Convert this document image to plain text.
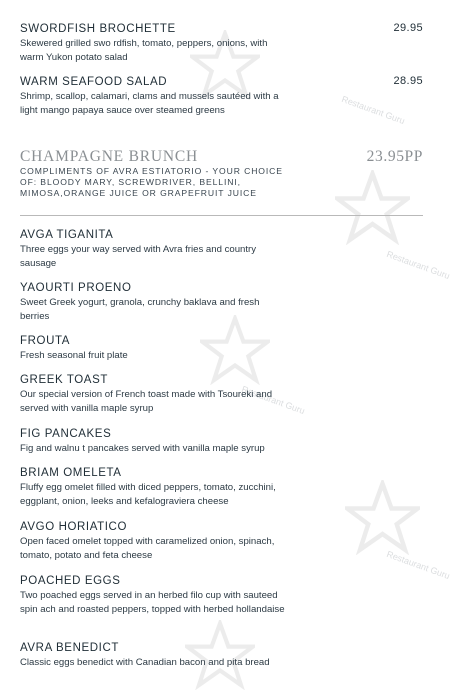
Restaurant Guru
Restaurant Guru
Restaurant Guru
Restaurant Guru
SWORDFISH BROCHETTE	29.95
Skewered grilled swo rdfish, tomato, peppers, onions, with warm Yukon potato salad
WARM SEAFOOD SALAD	28.95
Shrimp, scallop, calamari, clams and mussels sautéed with a light mango papaya sauce over steamed greens
CHAMPAGNE BRUNCH	23.95PP
COMPLIMENTS OF AVRA ESTIATORIO - YOUR CHOICE OF: BLOODY MARY, SCREWDRIVER, BELLINI, MIMOSA,ORANGE JUICE OR GRAPEFRUIT JUICE
AVGA TIGANITA
Three eggs your way served with Avra fries and country sausage
YAOURTI PROENO
Sweet Greek yogurt, granola, crunchy baklava and fresh berries
FROUTA
Fresh seasonal fruit plate
GREEK TOAST
Our special version of French toast made with Tsoureki and served with vanilla maple syrup
FIG PANCAKES
Fig and walnu t pancakes served with vanilla maple syrup
BRIAM OMELETA
Fluffy egg omelet filled with diced peppers, tomato, zucchini, eggplant, onion, leeks and kefalograviera cheese
AVGO HORIATICO
Open faced omelet topped with caramelized onion, spinach, tomato, potato and feta cheese
POACHED EGGS
Two poached eggs served in an herbed filo cup with sauteed spin ach and roasted peppers, topped with herbed hollandaise
AVRA BENEDICT
Classic eggs benedict with Canadian bacon and pita bread
